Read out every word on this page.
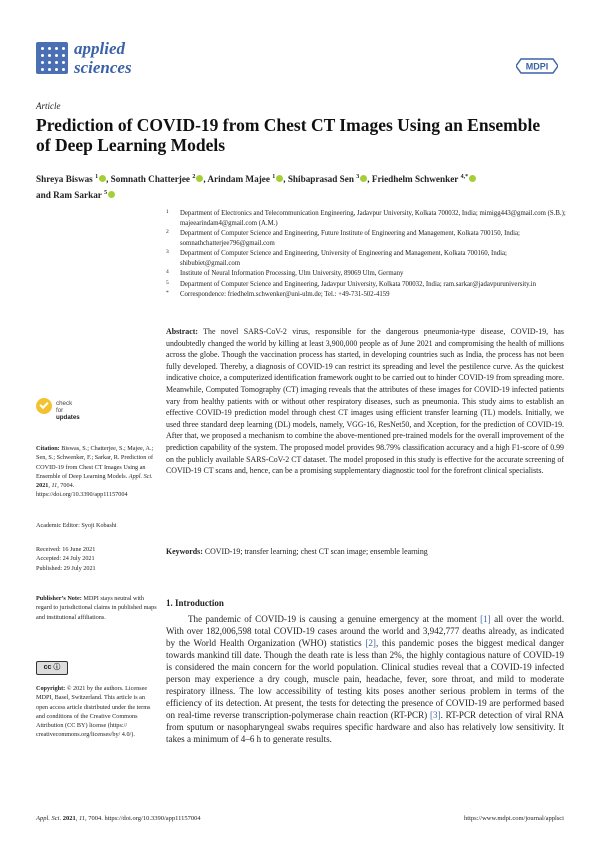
applied
sciences	MDPI
Article
Prediction of COVID-19 from Chest CT Images Using an Ensemble of Deep Learning Models
Shreya Biswas $^1$ , Somnath Chatterjee $^2$ , Arindam Majee $^1$ , Shibaprasad Sen $^3$ , Friedhelm Schwenker $^{4,*}$
and Ram Sarkar $^5$
1 Department of Electronics and Telecommunication Engineering, Jadavpur University, Kolkata 700032, India; mimigg443@gmail.com (S.B.); majeearindam4@gmail.com (A.M.)
2 Department of Computer Science and Engineering, Future Institute of Engineering and Management, Kolkata 700150, India; somnathchatterjee796@gmail.com
3 Department of Computer Science and Engineering, University of Engineering and Management, Kolkata 700160, India; shibubiet@gmail.com
4 Institute of Neural Information Processing, Ulm University, 89069 Ulm, Germany
5 Department of Computer Science and Engineering, Jadavpur University, Kolkata 700032, India; ram.sarkar@jadavpuruniversity.in
* Correspondence: friedhelm.schwenker@uni-ulm.de; Tel.: +49-731-502-4159
Abstract: The novel SARS-CoV-2 virus, responsible for the dangerous pneumonia-type disease, COVID-19, has undoubtedly changed the world by killing at least 3,900,000 people as of June 2021 and compromising the health of millions across the globe. Though the vaccination process has started, in developing countries such as India, the process has not been fully developed. Thereby, a diagnosis of COVID-19 can restrict its spreading and level the pestilence curve. As the quickest indicative choice, a computerized identification framework ought to be carried out to hinder COVID-19 from spreading more. Meanwhile, Computed Tomography (CT) imaging reveals that the attributes of these images for COVID-19 infected patients vary from healthy patients with or without other respiratory diseases, such as pneumonia. This study aims to establish an effective COVID-19 prediction model through chest CT images using efficient transfer learning (TL) models. Initially, we used three standard deep learning (DL) models, namely, VGG-16, ResNet50, and Xception, for the prediction of COVID-19. After that, we proposed a mechanism to combine the above-mentioned pre-trained models for the overall improvement of the prediction capability of the system. The proposed model provides 98.79% classification accuracy and a high F1-score of 0.99 on the publicly available SARS-CoV-2 CT dataset. The model proposed in this study is effective for the accurate screening of COVID-19 CT scans and, hence, can be a promising supplementary diagnostic tool for the forefront clinical specialists.
Keywords: COVID-19; transfer learning; chest CT scan image; ensemble learning
check for
updates
Citation: Biswas, S.; Chatterjee, S.; Majee, A.; Sen, S.; Schwenker, F.; Sarkar, R. Prediction of COVID-19 from Chest CT Images Using an Ensemble of Deep Learning Models. Appl. Sci. 2021, 11, 7004. https://doi.org/10.3390/app11157004
Academic Editor: Syoji Kobashi
Received: 16 June 2021
Accepted: 24 July 2021
Published: 29 July 2021
Publisher’s Note: MDPI stays neutral with regard to jurisdictional claims in published maps and institutional affiliations.
cc ⓘ
Copyright: © 2021 by the authors. Licensee MDPI, Basel, Switzerland. This article is an open access article distributed under the terms and conditions of the Creative Commons Attribution (CC BY) license (https:// creativecommons.org/licenses/by/ 4.0/).
1. Introduction
The pandemic of COVID-19 is causing a genuine emergency at the moment [1] all over the world. With over 182,006,598 total COVID-19 cases around the world and 3,942,777 deaths already, as indicated by the World Health Organization (WHO) statistics [2], this pandemic poses the biggest medical danger towards mankind till date. Though the death rate is less than 2%, the highly contagious nature of COVID-19 is considered the main concern for the world population. Clinical studies reveal that a COVID-19 infected person may experience a dry cough, muscle pain, headache, fever, sore throat, and mild to moderate respiratory illness. The low accessibility of testing kits poses another serious problem in terms of the efficiency of its detection. At present, the tests for detecting the presence of COVID-19 are performed based on real-time reverse transcription-polymerase chain reaction (RT-PCR) [3]. RT-PCR detection of viral RNA from sputum or nasopharyngeal swabs requires specific hardware and also has relatively low sensitivity. It takes a minimum of 4–6 h to generate results.
Appl. Sci. 2021, 11, 7004. https://doi.org/10.3390/app11157004	https://www.mdpi.com/journal/applsci
